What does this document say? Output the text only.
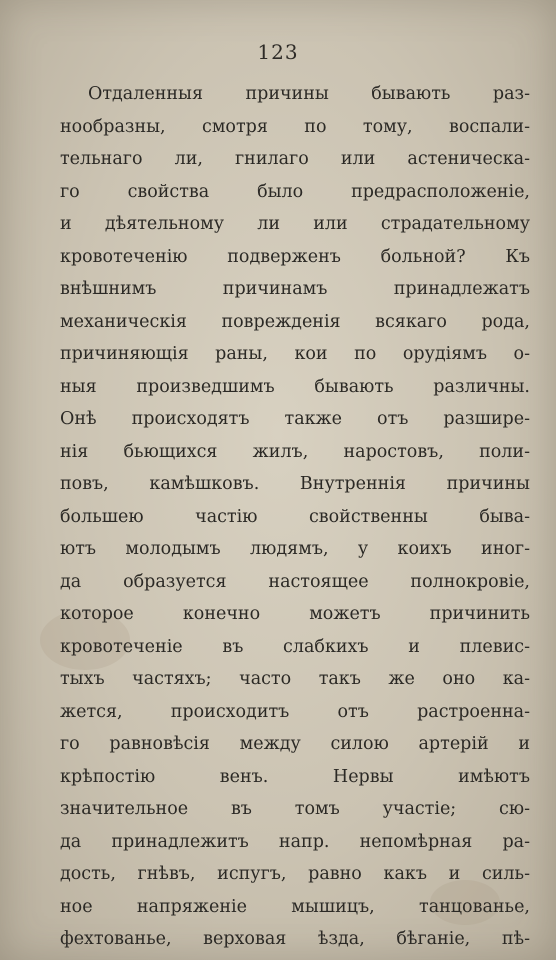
123
Отдаленныя причины бывають раз-
нообразны, смотря по тому, воспали-
тельнаго ли, гнилаго или астеническа-
го свойства было предрасположенiе,
и дѣятельному ли или страдательному
кровотеченiю подверженъ больной? Къ
внѣшнимъ причинамъ принадлежатъ
механическiя поврежденiя всякаго рода,
причиняющiя раны, кои по орудiямъ о-
ныя произведшимъ бывають различны.
Онѣ происходятъ также отъ разшире-
нiя бьющихся жилъ, наростовъ, поли-
повъ, камѣшковъ. Внутреннiя причины
большею частiю свойственны быва-
ютъ молодымъ людямъ, у коихъ иног-
да образуется настоящее полнокровiе,
которое конечно можетъ причинить
кровотеченiе въ слабкихъ и плевис-
тыхъ частяхъ; часто такъ же оно ка-
жется, происходитъ отъ растроенна-
го равновѣсiя между силою артерiй и
крѣпостiю венъ. Нервы имѣютъ
значительное въ томъ участiе; сю-
да принадлежитъ напр. непомѣрная ра-
дость, гнѣвъ, испугъ, равно какъ и силь-
ное напряженiе мышицъ, танцованье,
фехтованье, верховая ѣзда, бѣганiе, пѣ-
